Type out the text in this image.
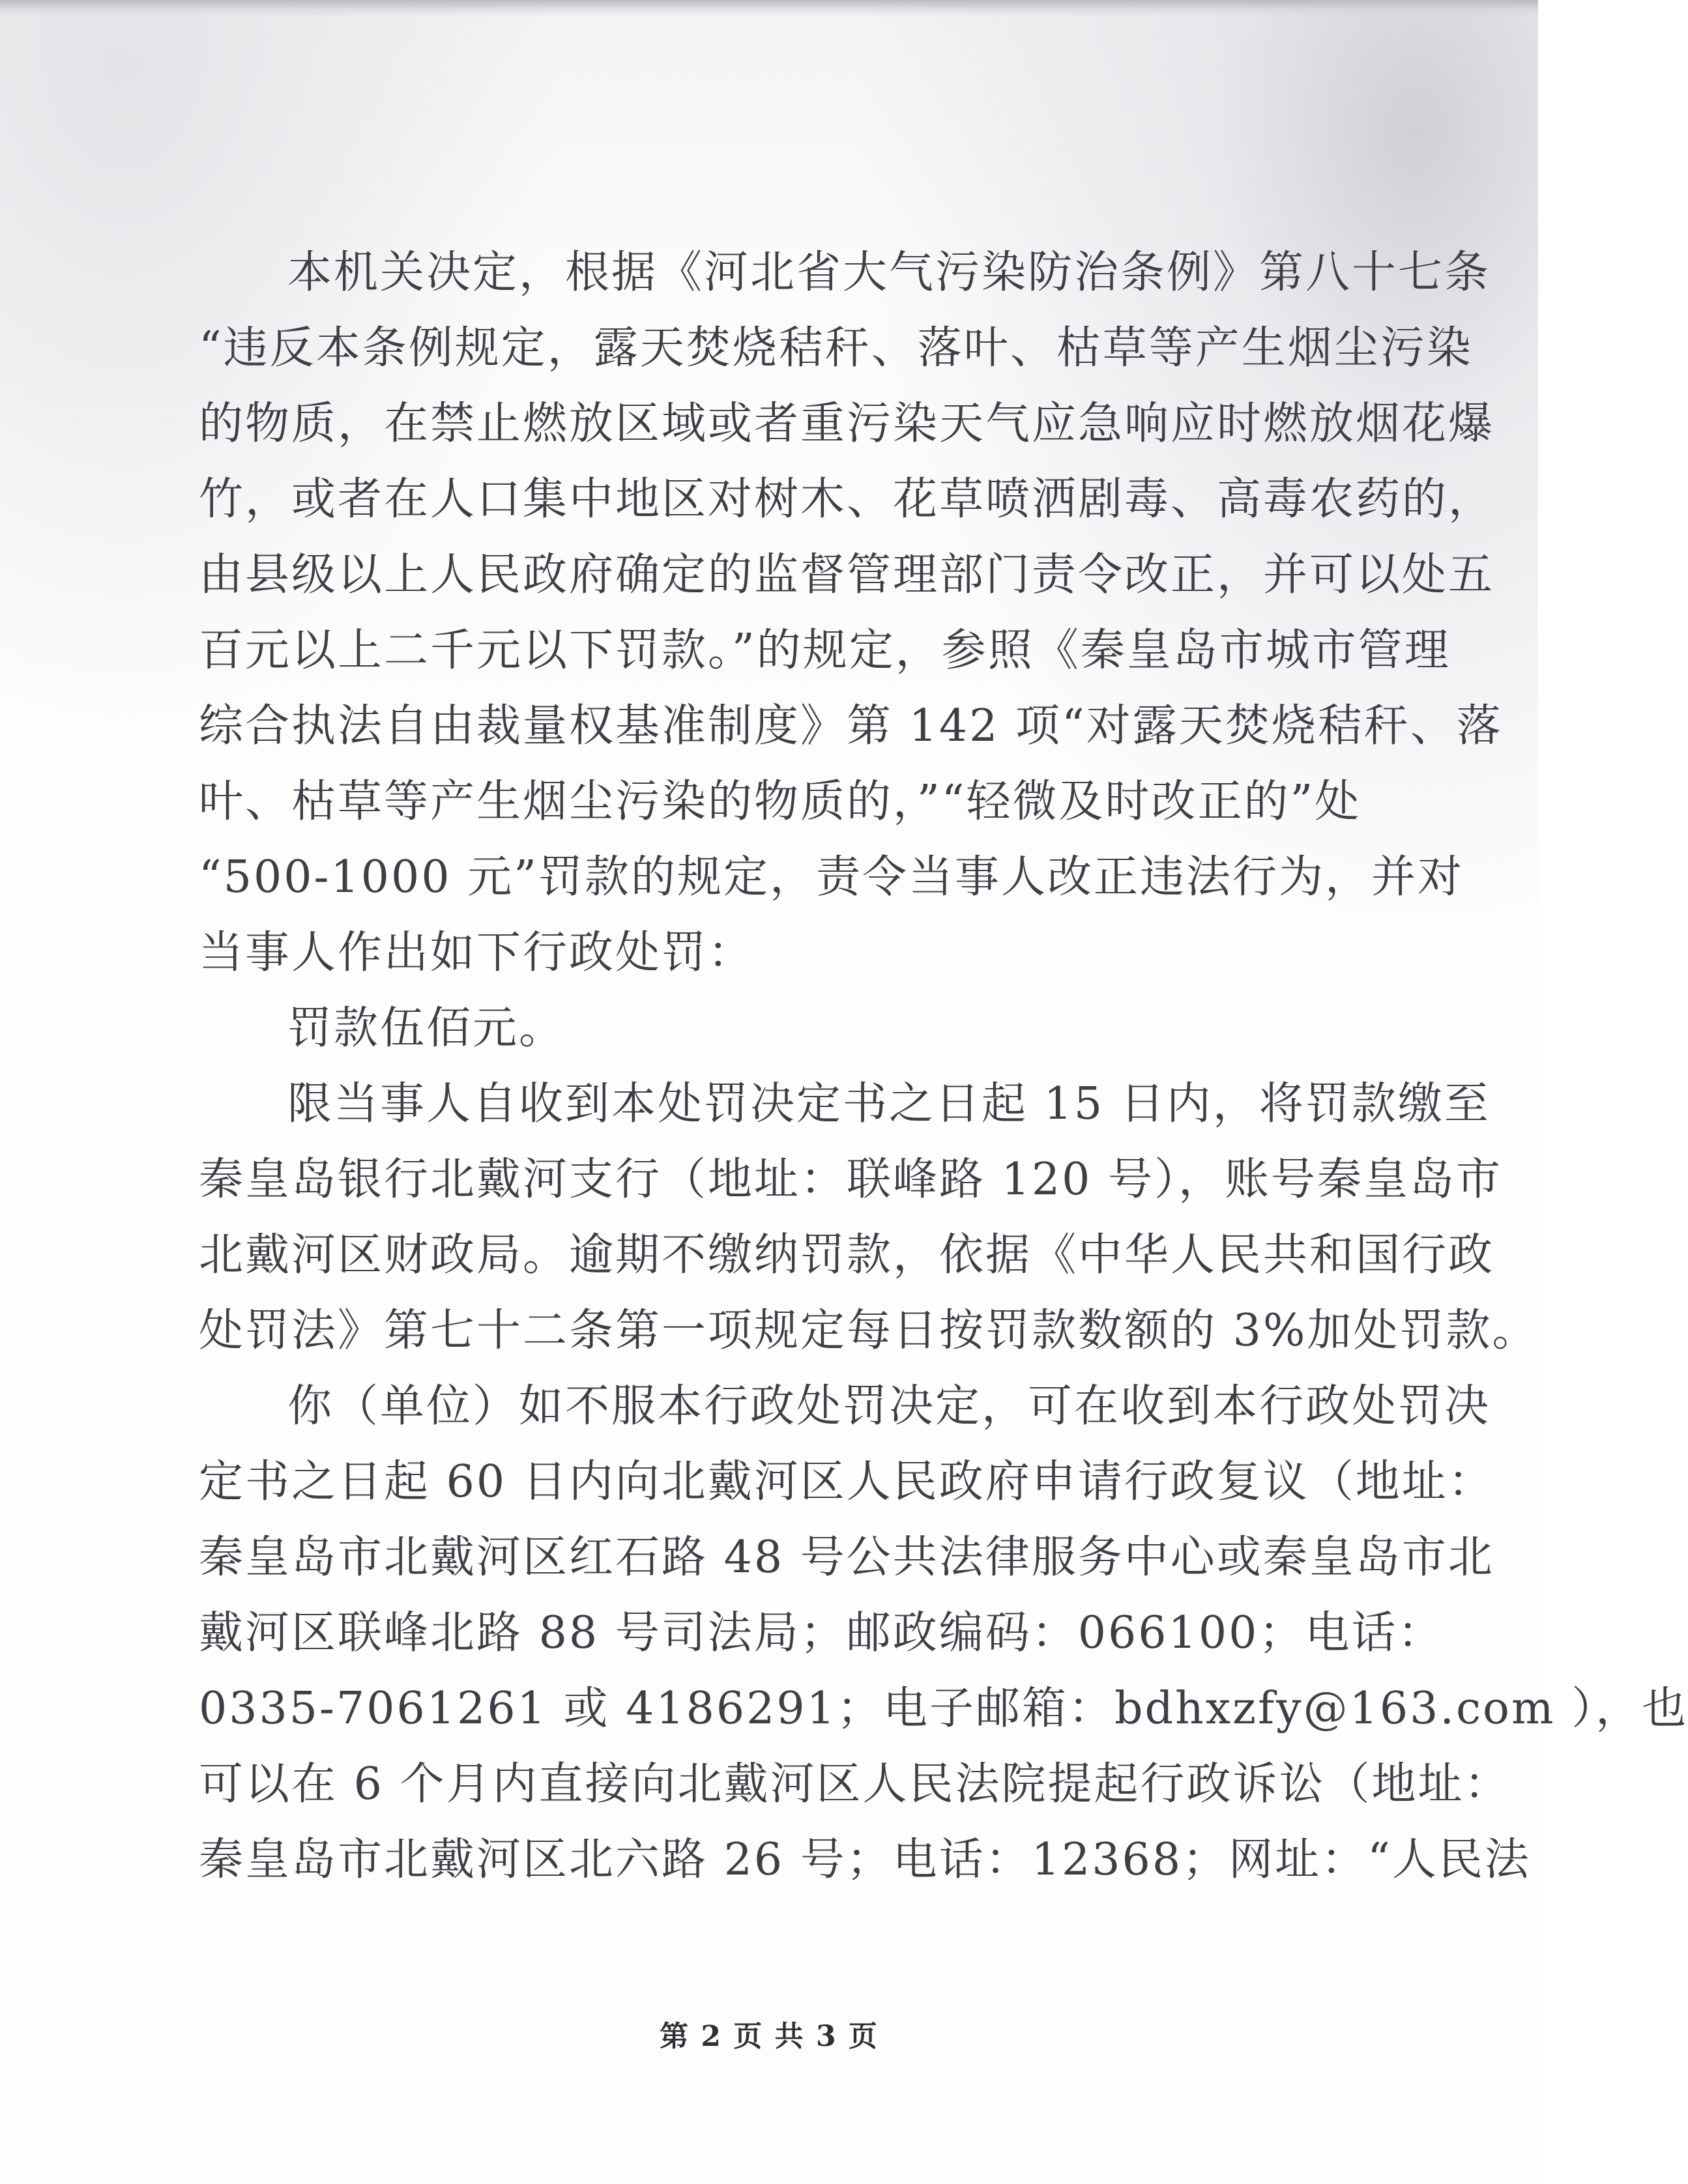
本机关决定，根据《河北省大气污染防治条例》第八十七条
“违反本条例规定，露天焚烧秸秆、落叶、枯草等产生烟尘污染
的物质，在禁止燃放区域或者重污染天气应急响应时燃放烟花爆
竹，或者在人口集中地区对树木、花草喷洒剧毒、高毒农药的，
由县级以上人民政府确定的监督管理部门责令改正，并可以处五
百元以上二千元以下罚款。”的规定，参照《秦皇岛市城市管理
综合执法自由裁量权基准制度》第 142 项“对露天焚烧秸秆、落
叶、枯草等产生烟尘污染的物质的，”“轻微及时改正的”处
“500-1000 元”罚款的规定，责令当事人改正违法行为，并对
当事人作出如下行政处罚：
罚款伍佰元。
限当事人自收到本处罚决定书之日起 15 日内，将罚款缴至
秦皇岛银行北戴河支行（地址：联峰路 120 号），账号秦皇岛市
北戴河区财政局。逾期不缴纳罚款，依据《中华人民共和国行政
处罚法》第七十二条第一项规定每日按罚款数额的 3%加处罚款。
你（单位）如不服本行政处罚决定，可在收到本行政处罚决
定书之日起 60 日内向北戴河区人民政府申请行政复议（地址：
秦皇岛市北戴河区红石路 48 号公共法律服务中心或秦皇岛市北
戴河区联峰北路 88 号司法局；邮政编码：066100；电话：
0335-7061261 或 4186291；电子邮箱：bdhxzfy@163.com ），也
可以在 6 个月内直接向北戴河区人民法院提起行政诉讼（地址：
秦皇岛市北戴河区北六路 26 号；电话：12368；网址：“人民法
第 2 页 共 3 页
